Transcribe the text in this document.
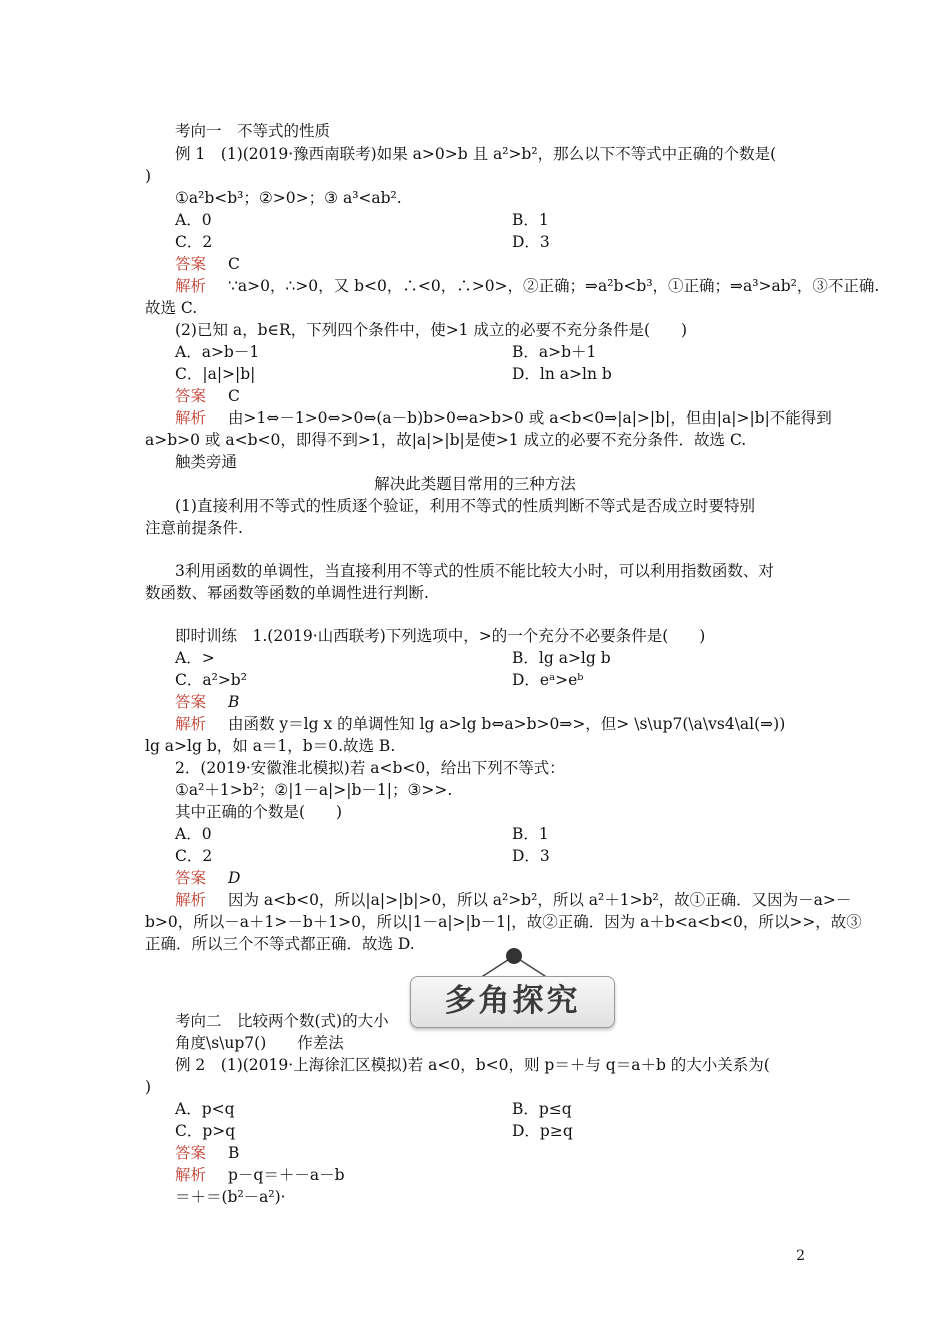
考向一　不等式的性质
例 1　(1)(2019·豫西南联考)如果 a>0>b 且 a²>b²，那么以下不等式中正确的个数是(
)
①a²b<b³；②>0>；③ a³<ab².
A．0	B．1
C．2	D．3
答案 C
解析 ∵a>0，∴>0，又 b<0，∴<0，∴>0>，②正确；⇒a²b<b³，①正确；⇒a³>ab²，③不正确.
故选 C.
(2)已知 a，b∈R，下列四个条件中，使>1 成立的必要不充分条件是(　　)
A．a>b－1	B．a>b＋1
C．|a|>|b|	D．ln a>ln b
答案 C
解析 由>1⇔－1>0⇔>0⇔(a－b)b>0⇔a>b>0 或 a<b<0⇒|a|>|b|，但由|a|>|b|不能得到
a>b>0 或 a<b<0，即得不到>1，故|a|>|b|是使>1 成立的必要不充分条件．故选 C.
触类旁通
解决此类题目常用的三种方法
(1)直接利用不等式的性质逐个验证，利用不等式的性质判断不等式是否成立时要特别
注意前提条件.
3利用函数的单调性，当直接利用不等式的性质不能比较大小时，可以利用指数函数、对
数函数、幂函数等函数的单调性进行判断.
即时训练　1.(2019·山西联考)下列选项中，>的一个充分不必要条件是(　　)
A．>	B．lg a>lg b
C．a²>b²	D．eᵃ>eᵇ
答案 B
解析 由函数 y＝lg x 的单调性知 lg a>lg b⇔a>b>0⇒>，但> \s\up7(\a\vs4\al(⇒))
lg a>lg b，如 a＝1，b＝0.故选 B.
2．(2019·安徽淮北模拟)若 a<b<0，给出下列不等式：
①a²＋1>b²；②|1－a|>|b－1|；③>>.
其中正确的个数是(　　)
A．0	B．1
C．2	D．3
答案 D
解析 因为 a<b<0，所以|a|>|b|>0，所以 a²>b²，所以 a²＋1>b²，故①正确．又因为－a>－
b>0，所以－a＋1>－b＋1>0，所以|1－a|>|b－1|，故②正确．因为 a＋b<a<b<0，所以>>，故③
正确．所以三个不等式都正确．故选 D.
多角探究
考向二　比较两个数(式)的大小
角度\s\up7()　　作差法
例 2　(1)(2019·上海徐汇区模拟)若 a<0，b<0，则 p＝＋与 q＝a＋b 的大小关系为(
)
A．p<q	B．p≤q
C．p>q	D．p≥q
答案 B
解析 p－q＝＋－a－b
＝＋＝(b²－a²)·
2
